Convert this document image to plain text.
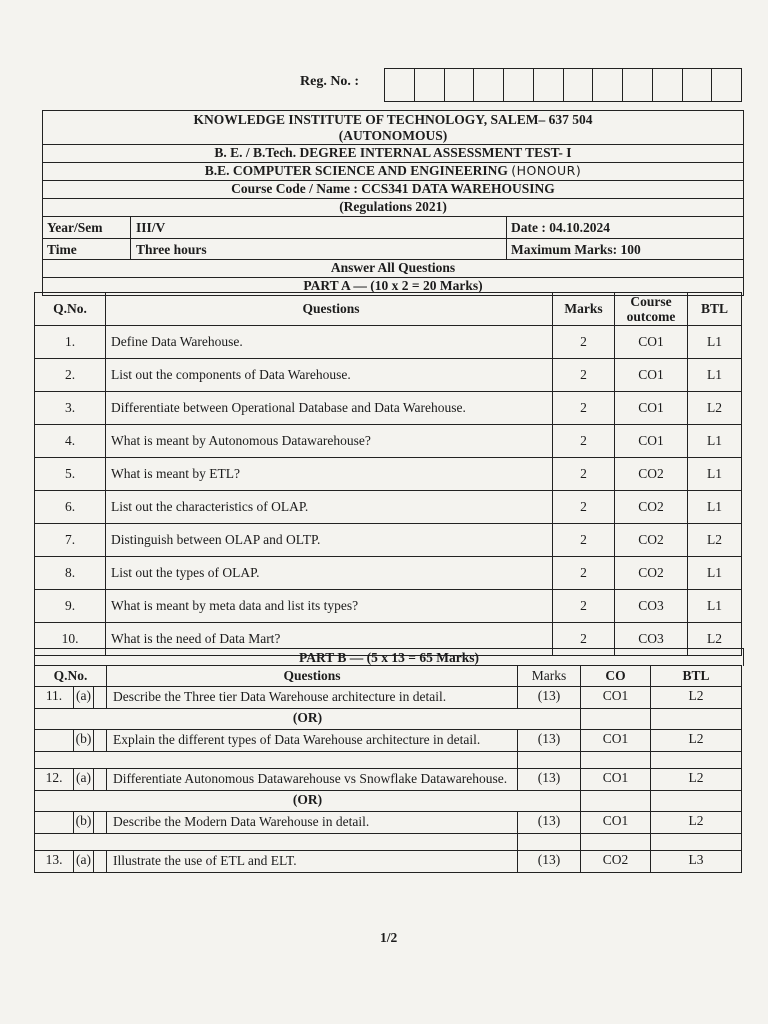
Reg. No. :
KNOWLEDGE INSTITUTE OF TECHNOLOGY, SALEM– 637 504
(AUTONOMOUS)
B. E. / B.Tech. DEGREE INTERNAL ASSESSMENT TEST- I
B.E. COMPUTER SCIENCE AND ENGINEERING (HONOUR)
Course Code / Name : CCS341 DATA WAREHOUSING
(Regulations 2021)
Year/Sem	III/V	Date : 04.10.2024
Time	Three hours	Maximum Marks: 100
Answer All Questions
PART A — (10 x 2 = 20 Marks)
Q.No.	Questions	Marks	Course outcome	BTL
1.	Define Data Warehouse.	2	CO1	L1
2.	List out the components of Data Warehouse.	2	CO1	L1
3.	Differentiate between Operational Database and Data Warehouse.	2	CO1	L2
4.	What is meant by Autonomous Datawarehouse?	2	CO1	L1
5.	What is meant by ETL?	2	CO2	L1
6.	List out the characteristics of OLAP.	2	CO2	L1
7.	Distinguish between OLAP and OLTP.	2	CO2	L2
8.	List out the types of OLAP.	2	CO2	L1
9.	What is meant by meta data and list its types?	2	CO3	L1
10.	What is the need of Data Mart?	2	CO3	L2
PART B — (5 x 13 = 65 Marks)
Q.No.			Questions	Marks	CO	BTL
11.	(a)		Describe the Three tier Data Warehouse architecture in detail.	(13)	CO1	L2
(OR)						
	(b)		Explain the different types of Data Warehouse architecture in detail.	(13)	CO1	L2

12.	(a)		Differentiate Autonomous Datawarehouse vs Snowflake Datawarehouse.	(13)	CO1	L2
(OR)						
	(b)		Describe the Modern Data Warehouse in detail.	(13)	CO1	L2

13.	(a)		Illustrate the use of ETL and ELT.	(13)	CO2	L3
1/2
